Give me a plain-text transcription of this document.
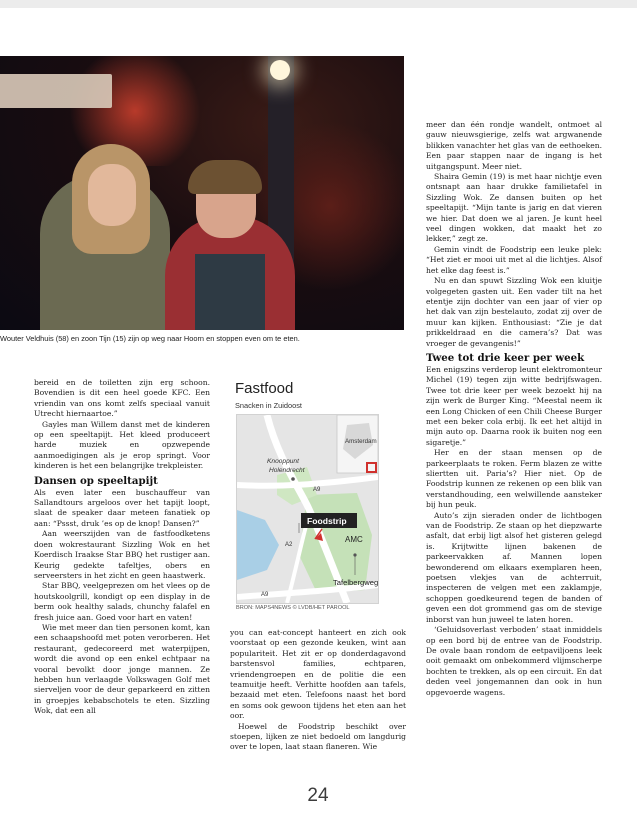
Wouter Veldhuis (58) en zoon Tijn (15) zijn op weg naar Hoorn en stoppen even om te eten.

bereid en de toiletten zijn erg schoon. Bovendien is dit een heel goede KFC. Een vriendin van ons komt zelfs speciaal vanuit Utrecht hiernaartoe.”

Gayles man Willem danst met de kinderen op een speeltapijt. Het kleed produceert harde muziek en opzwepende aanmoedigingen als je erop springt. Voor kinderen is het een belangrijke trekpleister.

Dansen op speeltapijt

Als even later een buschauffeur van Sallandtours argeloos over het tapijt loopt, slaat de speaker daar meteen fanatiek op aan: “Pssst, druk ’es op de knop! Dansen?”

Aan weerszijden van de fastfoodketens doen wokrestaurant Sizzling Wok en het Koerdisch Iraakse Star BBQ het rustiger aan. Keurig gedekte tafeltjes, obers en serveersters in het zicht en geen haastwerk.

Star BBQ, veelgeprezen om het vlees op de houtskoolgrill, kondigt op een display in de berm ook healthy salads, chunchy falafel en fresh juice aan. Goed voor hart en vaten!

Wie met meer dan tien personen komt, kan een schaapshoofd met poten verorberen. Het restaurant, gedecoreerd met waterpijpen, wordt die avond op een enkel echtpaar na vooral bevolkt door jonge mannen. Ze hebben hun verlaagde Volkswagen Golf met sierveljen voor de deur geparkeerd en zitten in groepjes kebabschotels te eten. Sizzling Wok, dat een all

you can eat-concept hanteert en zich ook voorstaat op een gezonde keuken, wint aan populariteit. Het zit er op donderdagavond barstensvol families, echtparen, vriendengroepen en de politie die een teamuitje heeft. Verhitte hoofden aan tafels, bezaaid met eten. Telefoons naast het bord en soms ook gewoon tijdens het eten aan het oor.

Hoewel de Foodstrip beschikt over stoepen, lijken ze niet bedoeld om langdurig over te lopen, laat staan flaneren. Wie

meer dan één rondje wandelt, ontmoet al gauw nieuwsgierige, zelfs wat argwanende blikken vanachter het glas van de eethoeken. Een paar stappen naar de ingang is het uitgangspunt. Meer niet.

Shaira Gemin (19) is met haar nichtje even ontsnapt aan haar drukke familietafel in Sizzling Wok. Ze dansen buiten op het speeltapijt. “Mijn tante is jarig en dat vieren we hier. Dat doen we al jaren. Je kunt heel veel dingen wokken, dat maakt het zo lekker,” zegt ze.

Gemin vindt de Foodstrip een leuke plek: “Het ziet er mooi uit met al die lichtjes. Alsof het elke dag feest is.”

Nu en dan spuwt Sizzling Wok een kluitje volgegeten gasten uit. Een vader tilt na het etentje zijn dochter van een jaar of vier op het dak van zijn bestelauto, zodat zij over de muur kan kijken. Enthousiast: “Zie je dat prikkeldraad en die camera’s? Dat was vroeger de gevangenis!”

Twee tot drie keer per week

Een enigszins verderop leunt elektromonteur Michel (19) tegen zijn witte bedrijfswagen. Twee tot drie keer per week bezoekt hij na zijn werk de Burger King. “Meestal neem ik een Long Chicken of een Chili Cheese Burger met een beker cola erbij. Ik eet het altijd in mijn auto op. Daarna rook ik buiten nog een sigaretje.”

Her en der staan mensen op de parkeerplaats te roken. Ferm blazen ze witte sliertten uit. Paria’s? Hier niet. Op de Foodstrip kunnen ze rekenen op een blik van verstandhouding, een welwillende aansteker bij hun peuk.

Auto’s zijn sieraden onder de lichtbogen van de Foodstrip. Ze staan op het diepzwarte asfalt, dat erbij ligt alsof het gisteren gelegd is. Krijtwitte lijnen bakenen de parkeervakken af. Mannen lopen bewonderend om elkaars exemplaren heen, poetsen vlekjes van de achterruit, inspecteren de velgen met een zaklampje, schoppen goedkeurend tegen de banden of geven een dot grommend gas om de stevige inborst van hun juweel te laten horen.

‘Geluidsoverlast verboden’ staat inmiddels op een bord bij de entree van de Foodstrip. De ovale baan rondom de eetpaviljoens leek ooit gemaakt om onbekommerd vlijmscherpe bochten te trekken, als op een circuit. En dat deden veel jongemannen dan ook in hun opgevoerde wagens.

Fastfood
Snacken in Zuidoost
Amsterdam
Knooppunt
Holendrecht
Foodstrip
AMC
Tafelbergweg
A9
A2
A9
BRON: MAPS4NEWS © LVDB/HET PAROOL
24
